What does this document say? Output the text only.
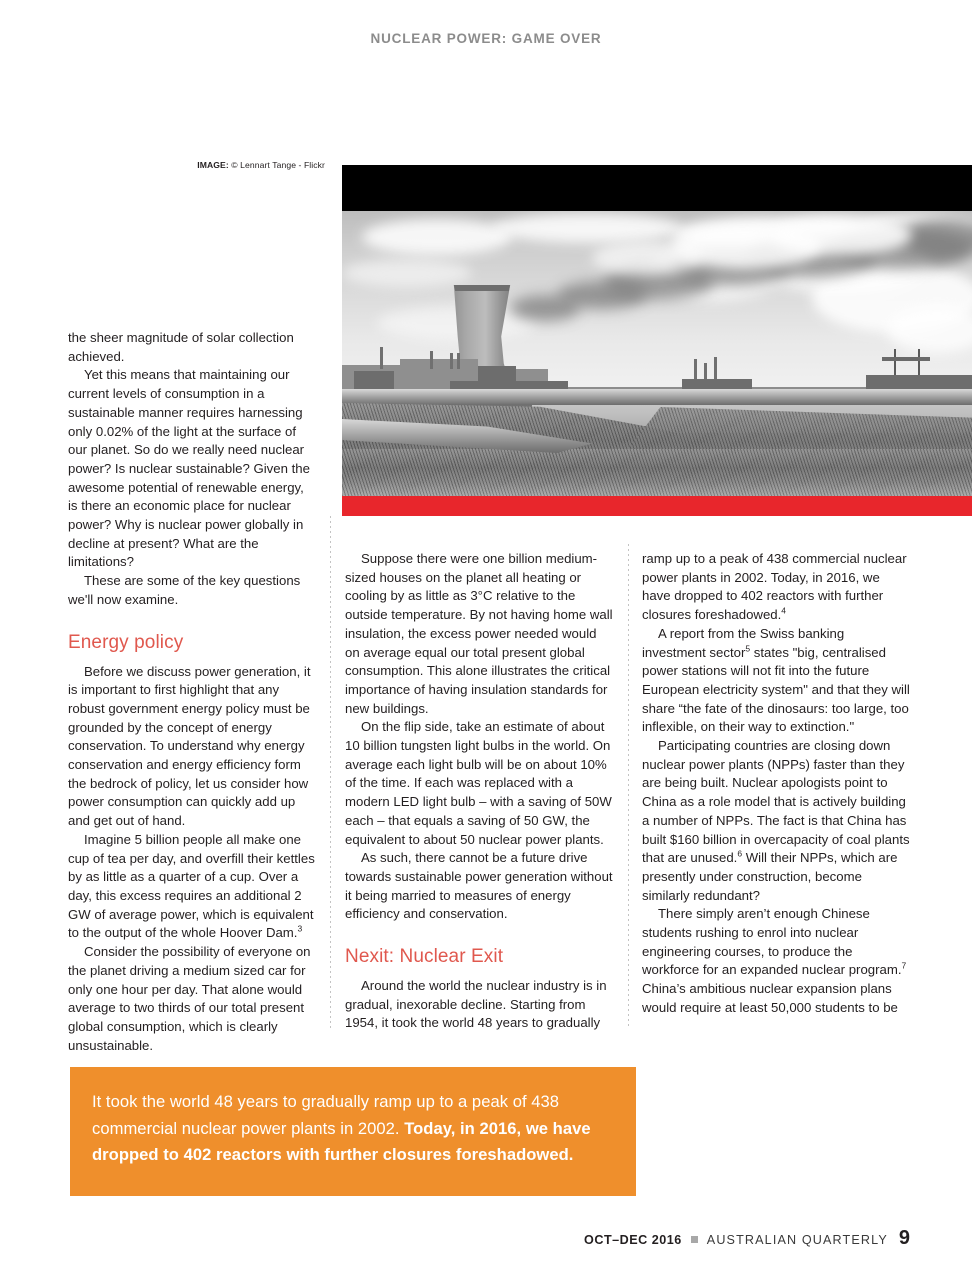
NUCLEAR POWER: GAME OVER
IMAGE: © Lennart Tange - Flickr

the sheer magnitude of solar collection achieved.

Yet this means that maintaining our current levels of consumption in a sustainable manner requires harnessing only 0.02% of the light at the surface of our planet. So do we really need nuclear power? Is nuclear sustainable? Given the awesome potential of renewable energy, is there an economic place for nuclear power? Why is nuclear power globally in decline at present? What are the limitations?

These are some of the key questions we'll now examine.

Energy policy

Before we discuss power generation, it is important to first highlight that any robust government energy policy must be grounded by the concept of energy conservation. To understand why energy conservation and energy efficiency form the bedrock of policy, let us consider how power consumption can quickly add up and get out of hand.

Imagine 5 billion people all make one cup of tea per day, and overfill their kettles by as little as a quarter of a cup. Over a day, this excess requires an additional 2 GW of average power, which is equivalent to the output of the whole Hoover Dam.$^3$

Consider the possibility of everyone on the planet driving a medium sized car for only one hour per day. That alone would average to two thirds of our total present global consumption, which is clearly unsustainable.

Suppose there were one billion medium-sized houses on the planet all heating or cooling by as little as 3°C relative to the outside temperature. By not having home wall insulation, the excess power needed would on average equal our total present global consumption. This alone illustrates the critical importance of having insulation standards for new buildings.

On the flip side, take an estimate of about 10 billion tungsten light bulbs in the world. On average each light bulb will be on about 10% of the time. If each was replaced with a modern LED light bulb – with a saving of 50W each – that equals a saving of 50 GW, the equivalent to about 50 nuclear power plants.

As such, there cannot be a future drive towards sustainable power generation without it being married to measures of energy efficiency and conservation.

Nexit: Nuclear Exit

Around the world the nuclear industry is in gradual, inexorable decline. Starting from 1954, it took the world 48 years to gradually

ramp up to a peak of 438 commercial nuclear power plants in 2002. Today, in 2016, we have dropped to 402 reactors with further closures foreshadowed.$^4$

A report from the Swiss banking investment sector$^5$ states "big, centralised power stations will not fit into the future European electricity system" and that they will share “the fate of the dinosaurs: too large, too inflexible, on their way to extinction."

Participating countries are closing down nuclear power plants (NPPs) faster than they are being built. Nuclear apologists point to China as a role model that is actively building a number of NPPs. The fact is that China has built $160 billion in overcapacity of coal plants that are unused.$^6$ Will their NPPs, which are presently under construction, become similarly redundant?

There simply aren’t enough Chinese students rushing to enrol into nuclear engineering courses, to produce the workforce for an expanded nuclear program.$^7$ China’s ambitious nuclear expansion plans would require at least 50,000 students to be

It took the world 48 years to gradually ramp up to a peak of 438 commercial nuclear power plants in 2002. Today, in 2016, we have dropped to 402 reactors with further closures foreshadowed.

OCT–DEC 2016 AUSTRALIAN QUARTERLY 9
